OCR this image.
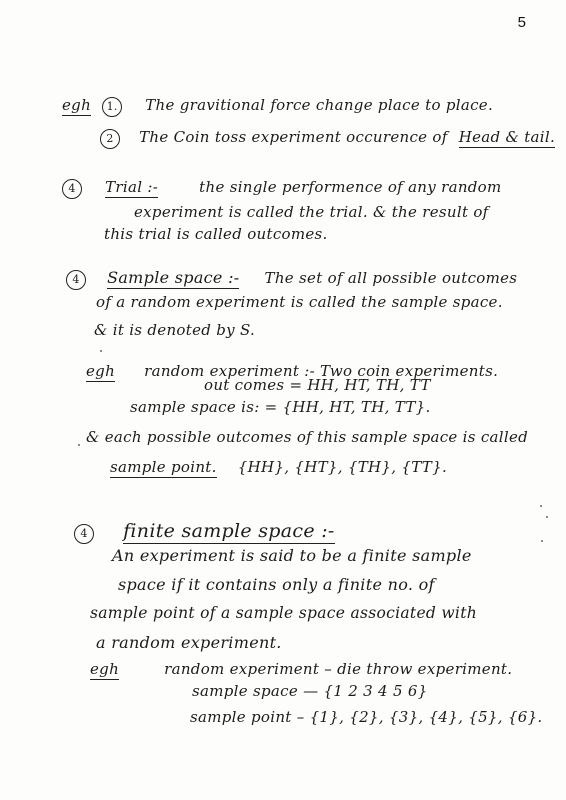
5
egh 1. The gravitional force change place to place.
2 The Coin toss experiment occurence of Head & tail.
4 Trial :-	the single performence of any random
experiment is called the trial. & the result of
this trial is called outcomes.
4 Sample space :- The set of all possible outcomes
of a random experiment is called the sample space.
& it is denoted by S.
egh random experiment :- Two coin experiments.
out comes = HH, HT, TH, TT
sample space is: = {HH, HT, TH, TT}.
& each possible outcomes of this sample space is called
sample point. {HH}, {HT}, {TH}, {TT}.
4 finite sample space :-
An experiment is said to be a finite sample
space if it contains only a finite no. of
sample point of a sample space associated with
a random experiment.
egh	random experiment – die throw experiment.
sample space — {1 2 3 4 5 6}
sample point – {1}, {2}, {3}, {4}, {5}, {6}.
